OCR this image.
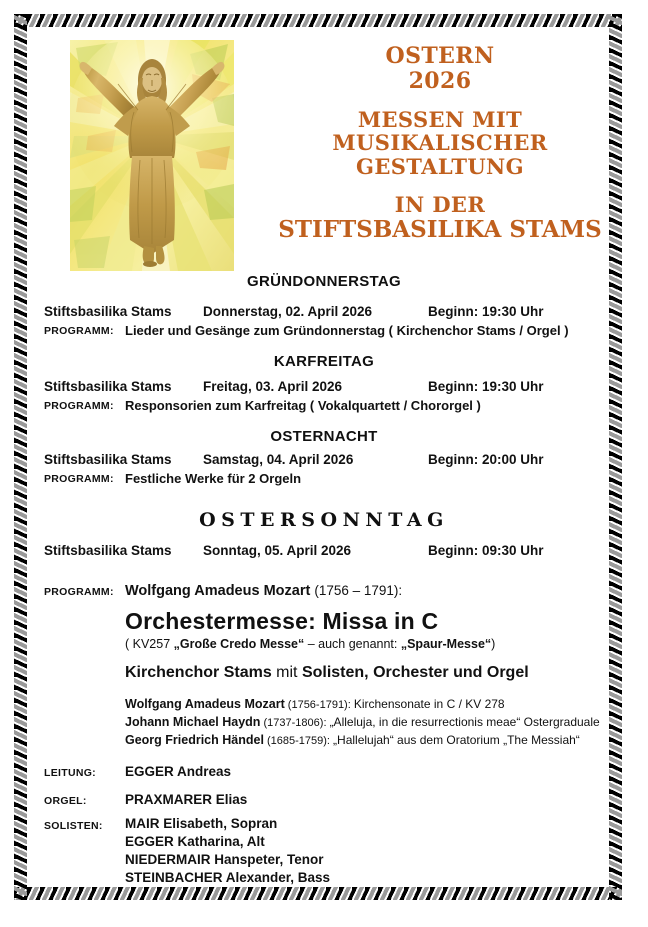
OSTERN
2026
MESSEN MIT
MUSIKALISCHER
GESTALTUNG
IN DER
STIFTSBASILIKA STAMS
GRÜNDONNERSTAG
Stiftsbasilika Stams Donnerstag, 02. April 2026	Beginn: 19:30 Uhr
PROGRAMM: Lieder und Gesänge zum Gründonnerstag ( Kirchenchor Stams / Orgel )
KARFREITAG
Stiftsbasilika Stams Freitag, 03. April 2026	Beginn: 19:30 Uhr
PROGRAMM: Responsorien zum Karfreitag ( Vokalquartett / Chororgel )
OSTERNACHT
Stiftsbasilika Stams Samstag, 04. April 2026	Beginn: 20:00 Uhr
PROGRAMM: Festliche Werke für 2 Orgeln
OSTERSONNTAG
Stiftsbasilika Stams Sonntag, 05. April 2026	Beginn: 09:30 Uhr
PROGRAMM: Wolfgang Amadeus Mozart (1756 – 1791):
Orchestermesse: Missa in C
( KV257 „Große Credo Messe“ – auch genannt: „Spaur-Messe“)
Kirchenchor Stams mit Solisten, Orchester und Orgel
Wolfgang Amadeus Mozart (1756-1791): Kirchensonate in C / KV 278
Johann Michael Haydn (1737-1806): „Alleluja, in die resurrectionis meae“ Ostergraduale
Georg Friedrich Händel (1685-1759): „Hallelujah“ aus dem Oratorium „The Messiah“
LEITUNG: EGGER Andreas
ORGEL:	PRAXMARER Elias
SOLISTEN: MAIR Elisabeth, Sopran
EGGER Katharina, Alt
NIEDERMAIR Hanspeter, Tenor
STEINBACHER Alexander, Bass
